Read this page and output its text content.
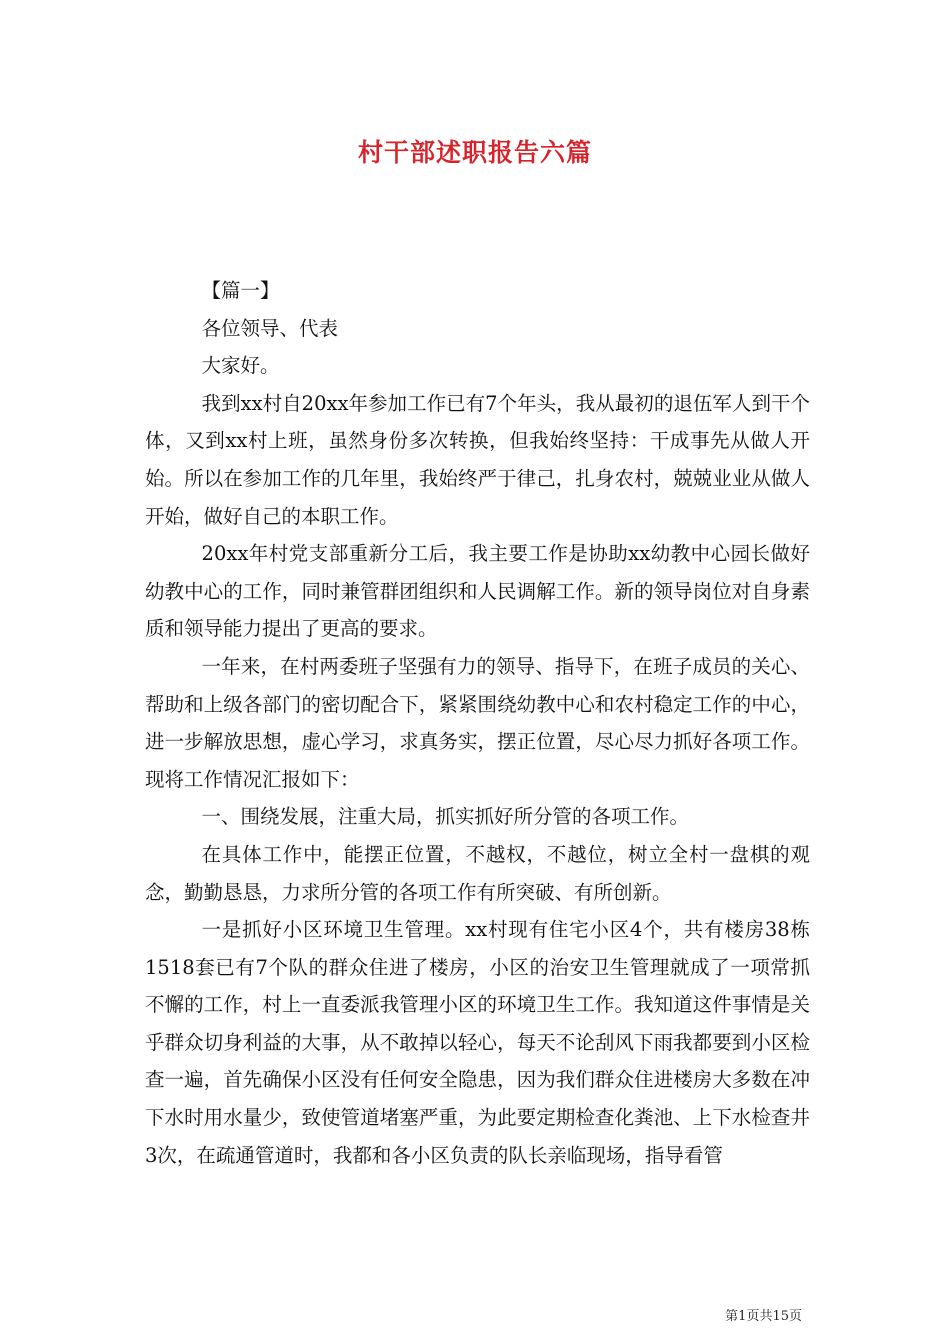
村干部述职报告六篇

【篇一】

各位领导、代表

大家好。

我到xx村自20xx年参加工作已有7个年头，我从最初的退伍军人到干个体，又到xx村上班，虽然身份多次转换，但我始终坚持：干成事先从做人开始。所以在参加工作的几年里，我始终严于律己，扎身农村，兢兢业业从做人开始，做好自己的本职工作。

20xx年村党支部重新分工后，我主要工作是协助xx幼教中心园长做好幼教中心的工作，同时兼管群团组织和人民调解工作。新的领导岗位对自身素质和领导能力提出了更高的要求。

一年来，在村两委班子坚强有力的领导、指导下，在班子成员的关心、帮助和上级各部门的密切配合下，紧紧围绕幼教中心和农村稳定工作的中心，进一步解放思想，虚心学习，求真务实，摆正位置，尽心尽力抓好各项工作。现将工作情况汇报如下：

一、围绕发展，注重大局，抓实抓好所分管的各项工作。

在具体工作中，能摆正位置，不越权，不越位，树立全村一盘棋的观念，勤勤恳恳，力求所分管的各项工作有所突破、有所创新。

一是抓好小区环境卫生管理。xx村现有住宅小区4个，共有楼房38栋1518套已有7个队的群众住进了楼房，小区的治安卫生管理就成了一项常抓不懈的工作，村上一直委派我管理小区的环境卫生工作。我知道这件事情是关乎群众切身利益的大事，从不敢掉以轻心，每天不论刮风下雨我都要到小区检查一遍，首先确保小区没有任何安全隐患，因为我们群众住进楼房大多数在冲下水时用水量少，致使管道堵塞严重，为此要定期检查化粪池、上下水检查井3次，在疏通管道时，我都和各小区负责的队长亲临现场，指导看管

第1页共15页
